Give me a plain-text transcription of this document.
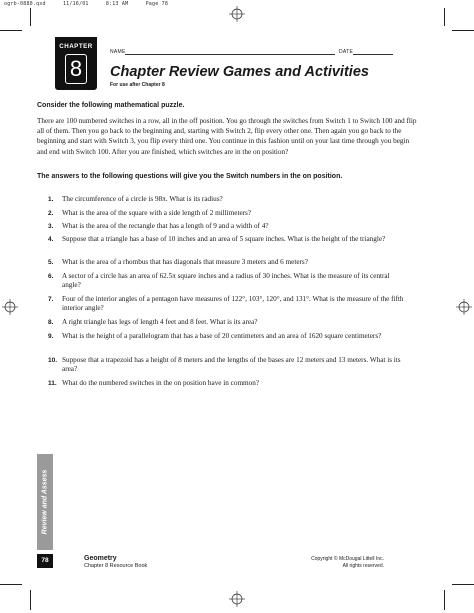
ogrb-0880.qxd	11/16/01	8:13 AM	Page 78
CHAPTER
8
NAME	DATE
Chapter Review Games and Activities
For use after Chapter 8
Consider the following mathematical puzzle.
There are 100 numbered switches in a row, all in the off position. You go through the switches from Switch 1 to Switch 100 and flip all of them. Then you go back to the beginning and, starting with Switch 2, flip every other one. Then again you go back to the beginning and start with Switch 3, you flip every third one. You continue in this fashion until on your last time through you begin and end with Switch 100. After you are finished, which switches are in the on position?
The answers to the following questions will give you the Switch numbers in the on position.
1. The circumference of a circle is 98π. What is its radius?
2. What is the area of the square with a side length of 2 millimeters?
3. What is the area of the rectangle that has a length of 9 and a width of 4?
4. Suppose that a triangle has a base of 10 inches and an area of 5 square inches. What is the height of the triangle?
5. What is the area of a rhombus that has diagonals that measure 3 meters and 6 meters?
6. A sector of a circle has an area of 62.5π square inches and a radius of 30 inches. What is the measure of its central angle?
7. Four of the interior angles of a pentagon have measures of 122°, 103°, 120°, and 131°. What is the measure of the fifth interior angle?
8. A right triangle has legs of length 4 feet and 8 feet. What is its area?
9. What is the height of a parallelogram that has a base of 20 centimeters and an area of 1620 square centimeters?
10. Suppose that a trapezoid has a height of 8 meters and the lengths of the bases are 12 meters and 13 meters. What is its area?
11. What do the numbered switches in the on position have in common?
Review and Assess
78	Geometry
Chapter 8 Resource Book
Copyright © McDougal Littell Inc.
All rights reserved.
